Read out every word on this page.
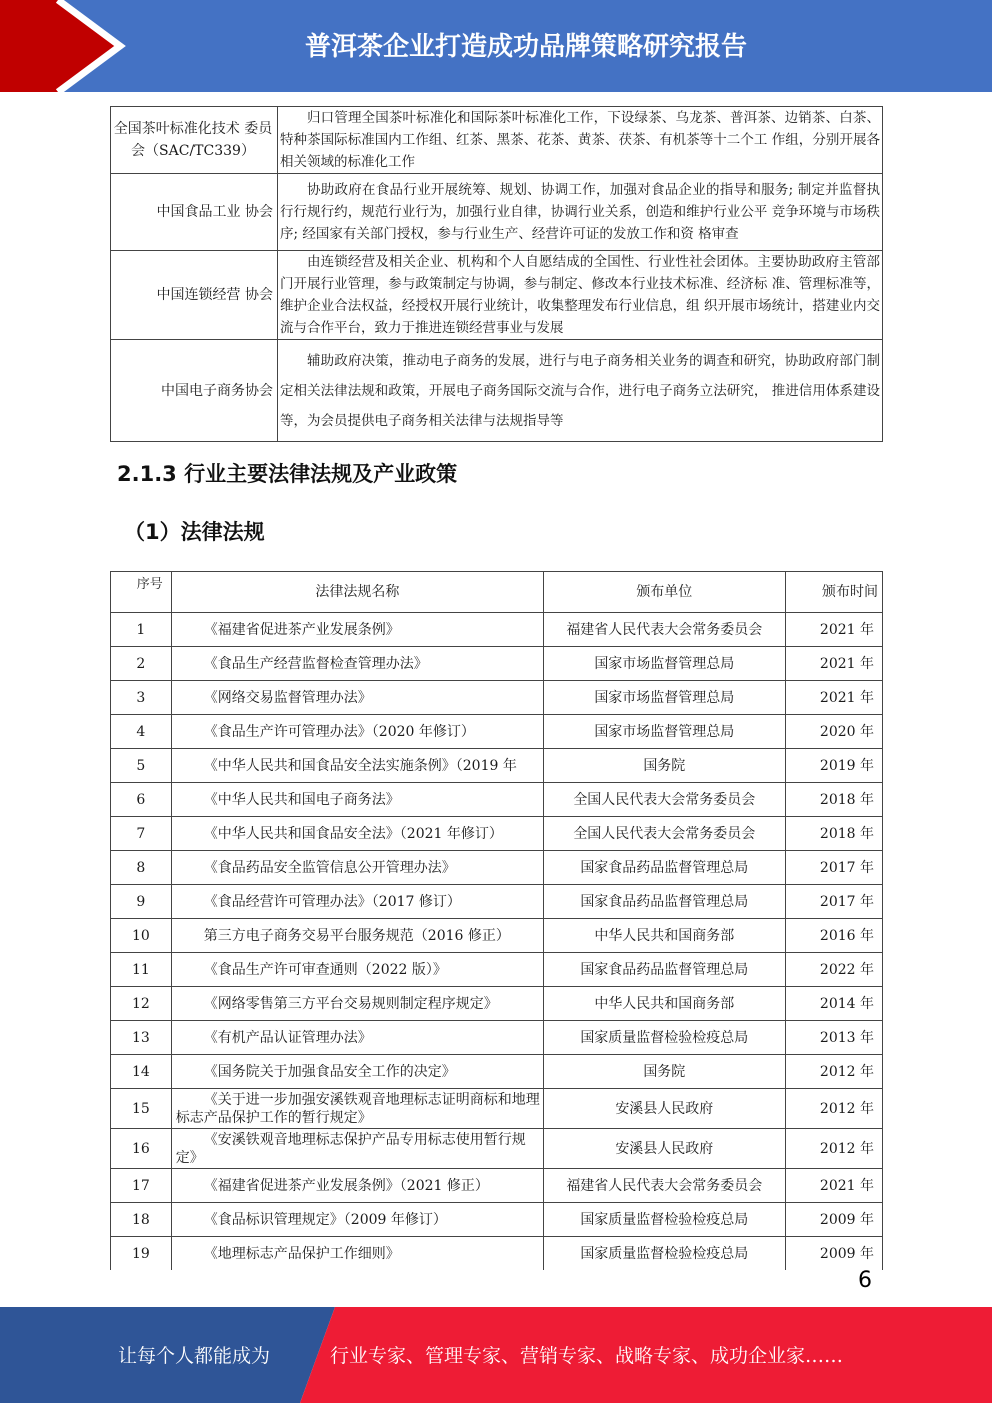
普洱茶企业打造成功品牌策略研究报告
全国茶叶标准化技术 委员会（SAC/TC339）	归口管理全国茶叶标准化和国际茶叶标准化工作，下设绿茶、乌龙茶、普洱茶、边销茶、白茶、特种茶国际标准国内工作组、红茶、黑茶、花茶、黄茶、茯茶、有机茶等十二个工 作组，分别开展各相关领域的标准化工作
中国食品工业 协会	协助政府在食品行业开展统筹、规划、协调工作，加强对食品企业的指导和服务; 制定并监督执行行规行约，规范行业行为，加强行业自律，协调行业关系，创造和维护行业公平 竞争环境与市场秩序; 经国家有关部门授权，参与行业生产、经营许可证的发放工作和资 格审查
中国连锁经营 协会	由连锁经营及相关企业、机构和个人自愿结成的全国性、行业性社会团体。主要协助政府主管部门开展行业管理，参与政策制定与协调，参与制定、修改本行业技术标准、经济标 准、管理标准等，维护企业合法权益，经授权开展行业统计，收集整理发布行业信息，组 织开展市场统计，搭建业内交流与合作平台，致力于推进连锁经营事业与发展
中国电子商务协会	辅助政府决策，推动电子商务的发展，进行与电子商务相关业务的调查和研究，协助政府部门制定相关法律法规和政策，开展电子商务国际交流与合作，进行电子商务立法研究， 推进信用体系建设等，为会员提供电子商务相关法律与法规指导等
2.1.3 行业主要法律法规及产业政策
（1）法律法规
序号	法律法规名称	颁布单位	颁布时间
1	《福建省促进茶产业发展条例》	福建省人民代表大会常务委员会	2021 年
2	《食品生产经营监督检查管理办法》	国家市场监督管理总局	2021 年
3	《网络交易监督管理办法》	国家市场监督管理总局	2021 年
4	《食品生产许可管理办法》（2020 年修订）	国家市场监督管理总局	2020 年
5	《中华人民共和国食品安全法实施条例》（2019 年	国务院	2019 年
6	《中华人民共和国电子商务法》	全国人民代表大会常务委员会	2018 年
7	《中华人民共和国食品安全法》（2021 年修订）	全国人民代表大会常务委员会	2018 年
8	《食品药品安全监管信息公开管理办法》	国家食品药品监督管理总局	2017 年
9	《食品经营许可管理办法》（2017 修订）	国家食品药品监督管理总局	2017 年
10	第三方电子商务交易平台服务规范（2016 修正）	中华人民共和国商务部	2016 年
11	《食品生产许可审查通则（2022 版）》	国家食品药品监督管理总局	2022 年
12	《网络零售第三方平台交易规则制定程序规定》	中华人民共和国商务部	2014 年
13	《有机产品认证管理办法》	国家质量监督检验检疫总局	2013 年
14	《国务院关于加强食品安全工作的决定》	国务院	2012 年
15	《关于进一步加强安溪铁观音地理标志证明商标和地理 标志产品保护工作的暂行规定》	安溪县人民政府	2012 年
16	《安溪铁观音地理标志保护产品专用标志使用暂行规定》	安溪县人民政府	2012 年
17	《福建省促进茶产业发展条例》（2021 修正）	福建省人民代表大会常务委员会	2021 年
18	《食品标识管理规定》（2009 年修订）	国家质量监督检验检疫总局	2009 年
19	《地理标志产品保护工作细则》	国家质量监督检验检疫总局	2009 年
6
让每个人都能成为	行业专家、管理专家、营销专家、战略专家、成功企业家……
